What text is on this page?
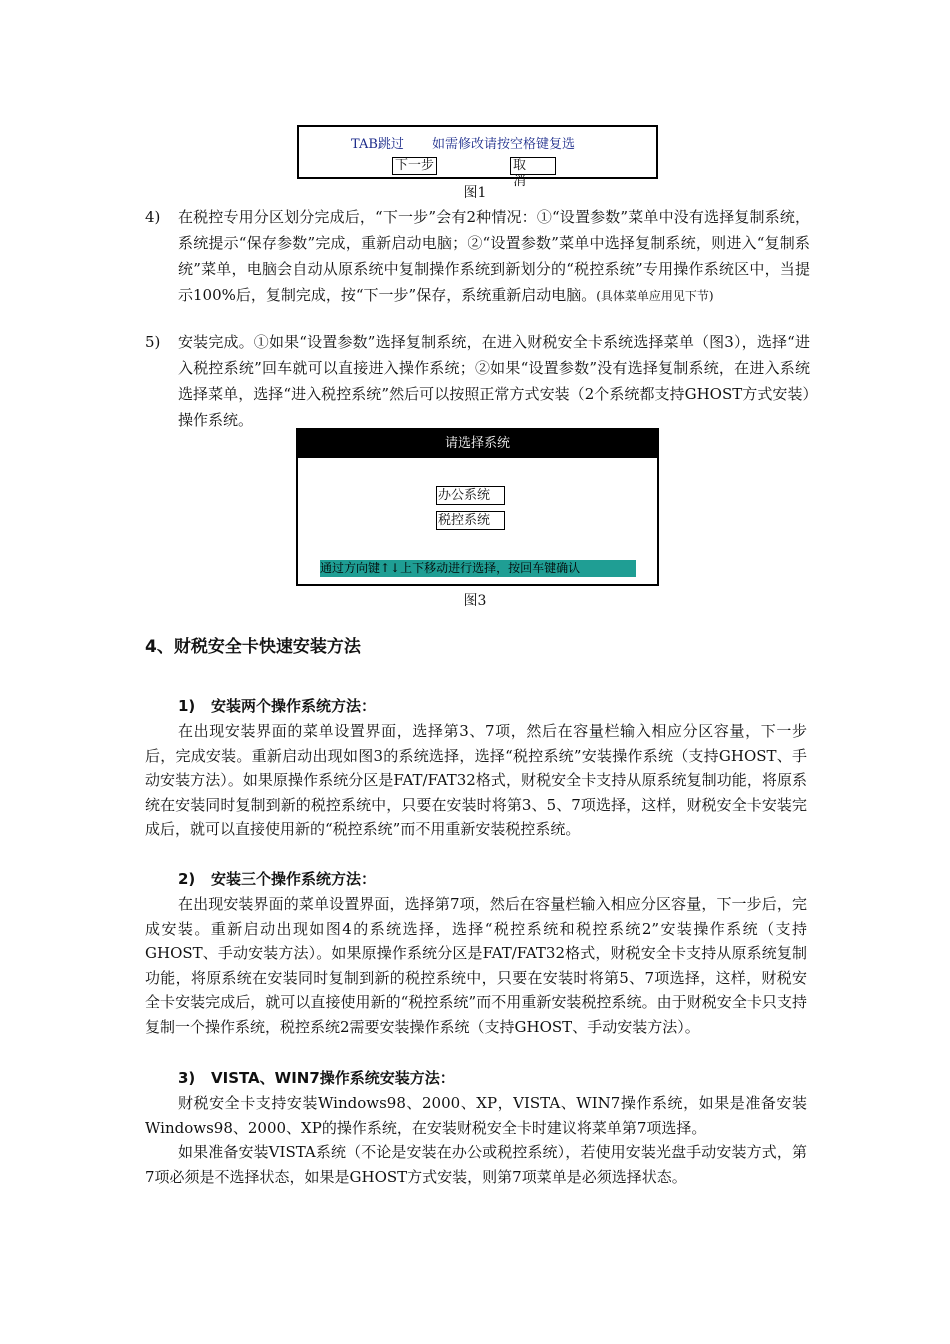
TAB跳过 如需修改请按空格键复选
下一步	取 消
图1
4) 在税控专用分区划分完成后，“下一步”会有2种情况：①“设置参数”菜单中没有选择复制系统，系统提示“保存参数”完成，重新启动电脑；②“设置参数”菜单中选择复制系统，则进入“复制系统”菜单，电脑会自动从原系统中复制操作系统到新划分的“税控系统”专用操作系统区中，当提示100%后，复制完成，按“下一步”保存，系统重新启动电脑。(具体菜单应用见下节)
5) 安装完成。①如果“设置参数”选择复制系统，在进入财税安全卡系统选择菜单（图3），选择“进入税控系统”回车就可以直接进入操作系统；②如果“设置参数”没有选择复制系统，在进入系统选择菜单，选择“进入税控系统”然后可以按照正常方式安装（2个系统都支持GHOST方式安装）操作系统。
请选择系统
办公系统
税控系统
通过方向键↑↓上下移动进行选择，按回车键确认
图3
4、财税安全卡快速安装方法
1) 安装两个操作系统方法：
在出现安装界面的菜单设置界面，选择第3、7项，然后在容量栏输入相应分区容量，下一步后，完成安装。重新启动出现如图3的系统选择，选择“税控系统”安装操作系统（支持GHOST、手动安装方法）。如果原操作系统分区是FAT/FAT32格式，财税安全卡支持从原系统复制功能，将原系统在安装同时复制到新的税控系统中，只要在安装时将第3、5、7项选择，这样，财税安全卡安装完成后，就可以直接使用新的“税控系统”而不用重新安装税控系统。
2) 安装三个操作系统方法：
在出现安装界面的菜单设置界面，选择第7项，然后在容量栏输入相应分区容量，下一步后，完成安装。重新启动出现如图4的系统选择，选择“税控系统和税控系统2”安装操作系统（支持GHOST、手动安装方法）。如果原操作系统分区是FAT/FAT32格式，财税安全卡支持从原系统复制功能，将原系统在安装同时复制到新的税控系统中，只要在安装时将第5、7项选择，这样，财税安全卡安装完成后，就可以直接使用新的“税控系统”而不用重新安装税控系统。由于财税安全卡只支持复制一个操作系统，税控系统2需要安装操作系统（支持GHOST、手动安装方法）。
3) VISTA、WIN7操作系统安装方法：
财税安全卡支持安装Windows98、2000、XP，VISTA、WIN7操作系统，如果是准备安装Windows98、2000、XP的操作系统，在安装财税安全卡时建议将菜单第7项选择。
如果准备安装VISTA系统（不论是安装在办公或税控系统），若使用安装光盘手动安装方式，第7项必须是不选择状态，如果是GHOST方式安装，则第7项菜单是必须选择状态。
